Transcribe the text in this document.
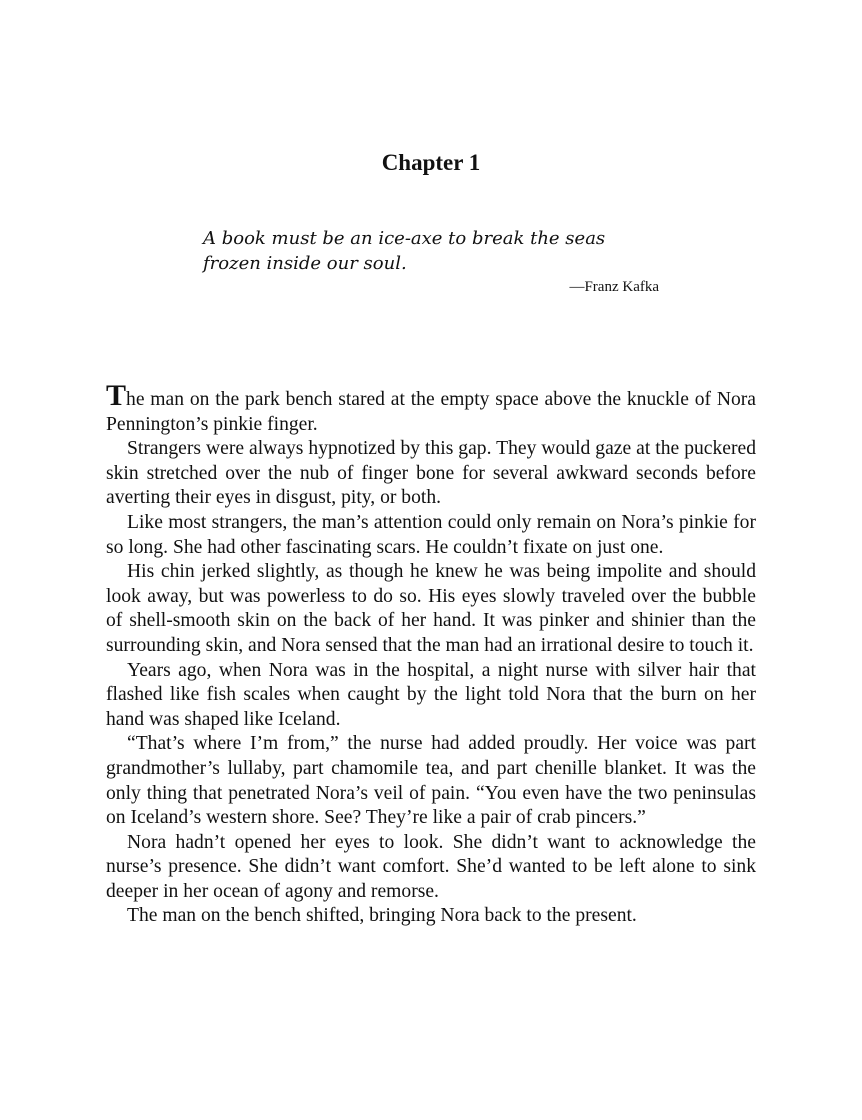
Chapter 1

A book must be an ice-axe to break the seas frozen inside our soul.

—Franz Kafka

The man on the park bench stared at the empty space above the knuckle of Nora Pennington’s pinkie finger.

Strangers were always hypnotized by this gap. They would gaze at the puckered skin stretched over the nub of finger bone for several awkward seconds before averting their eyes in disgust, pity, or both.

Like most strangers, the man’s attention could only remain on Nora’s pinkie for so long. She had other fascinating scars. He couldn’t fixate on just one.

His chin jerked slightly, as though he knew he was being impolite and should look away, but was powerless to do so. His eyes slowly traveled over the bubble of shell-smooth skin on the back of her hand. It was pinker and shinier than the surrounding skin, and Nora sensed that the man had an irrational desire to touch it.

Years ago, when Nora was in the hospital, a night nurse with silver hair that flashed like fish scales when caught by the light told Nora that the burn on her hand was shaped like Iceland.

“That’s where I’m from,” the nurse had added proudly. Her voice was part grandmother’s lullaby, part chamomile tea, and part chenille blanket. It was the only thing that penetrated Nora’s veil of pain. “You even have the two peninsulas on Iceland’s western shore. See? They’re like a pair of crab pincers.”

Nora hadn’t opened her eyes to look. She didn’t want to acknowledge the nurse’s presence. She didn’t want comfort. She’d wanted to be left alone to sink deeper in her ocean of agony and remorse.

The man on the bench shifted, bringing Nora back to the present.
